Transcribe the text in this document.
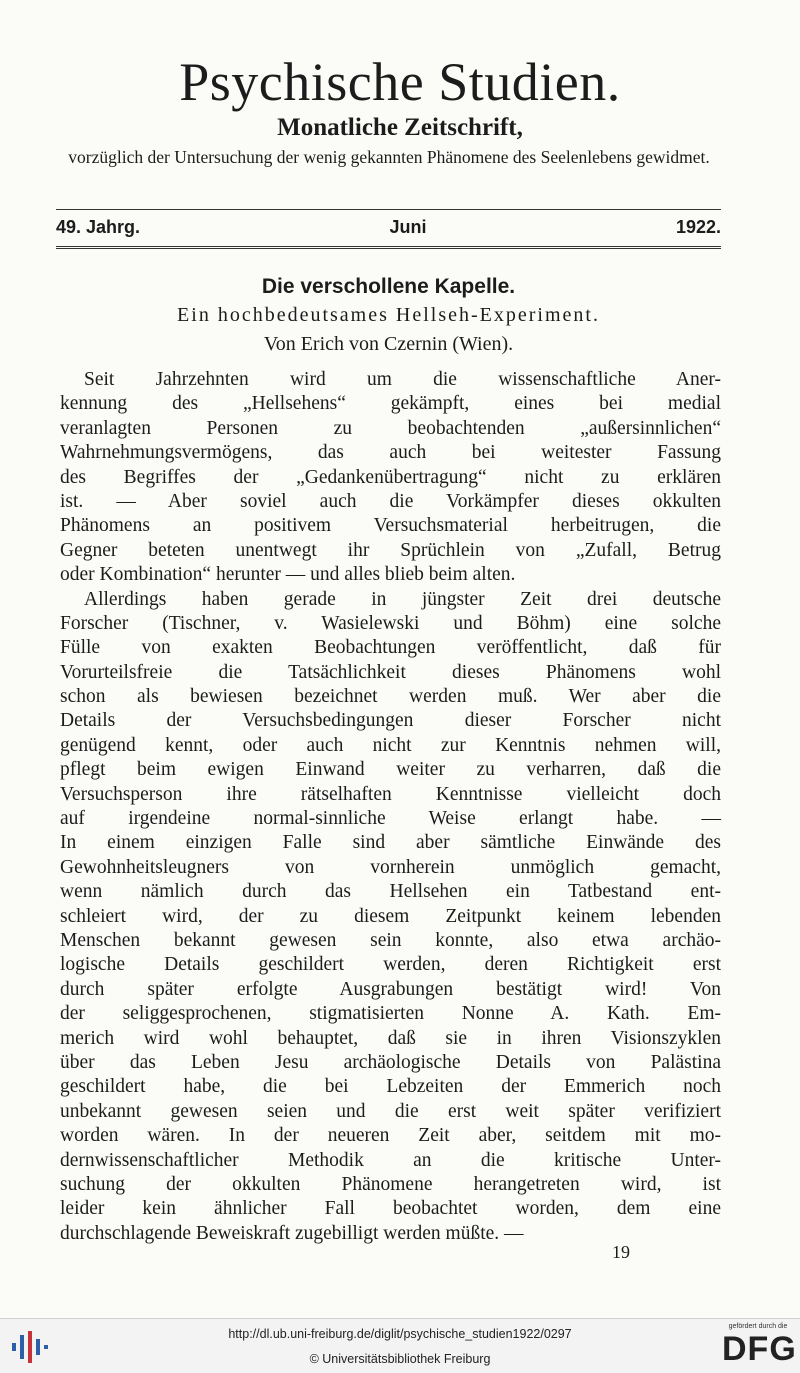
Psychische Studien.
Monatliche Zeitschrift,
vorzüglich der Untersuchung der wenig gekannten Phänomene des Seelenlebens gewidmet.
49. Jahrg.	Juni	1922.
Die verschollene Kapelle.
Ein hochbedeutsames Hellseh-Experiment.
Von Erich von Czernin (Wien).
Seit Jahrzehnten wird um die wissenschaftliche Aner-
kennung des „Hellsehens“ gekämpft, eines bei medial
veranlagten Personen zu beobachtenden „außersinnlichen“
Wahrnehmungsvermögens, das auch bei weitester Fassung
des Begriffes der „Gedankenübertragung“ nicht zu erklären
ist. — Aber soviel auch die Vorkämpfer dieses okkulten
Phänomens an positivem Versuchsmaterial herbeitrugen, die
Gegner beteten unentwegt ihr Sprüchlein von „Zufall, Betrug
oder Kombination“ herunter — und alles blieb beim alten.
Allerdings haben gerade in jüngster Zeit drei deutsche
Forscher (Tischner, v. Wasielewski und Böhm) eine solche
Fülle von exakten Beobachtungen veröffentlicht, daß für
Vorurteilsfreie die Tatsächlichkeit dieses Phänomens wohl
schon als bewiesen bezeichnet werden muß. Wer aber die
Details der Versuchsbedingungen dieser Forscher nicht
genügend kennt, oder auch nicht zur Kenntnis nehmen will,
pflegt beim ewigen Einwand weiter zu verharren, daß die
Versuchsperson ihre rätselhaften Kenntnisse vielleicht doch
auf irgendeine normal-sinnliche Weise erlangt habe. —
In einem einzigen Falle sind aber sämtliche Einwände des
Gewohnheitsleugners von vornherein unmöglich gemacht,
wenn nämlich durch das Hellsehen ein Tatbestand ent-
schleiert wird, der zu diesem Zeitpunkt keinem lebenden
Menschen bekannt gewesen sein konnte, also etwa archäo-
logische Details geschildert werden, deren Richtigkeit erst
durch später erfolgte Ausgrabungen bestätigt wird! Von
der seliggesprochenen, stigmatisierten Nonne A. Kath. Em-
merich wird wohl behauptet, daß sie in ihren Visionszyklen
über das Leben Jesu archäologische Details von Palästina
geschildert habe, die bei Lebzeiten der Emmerich noch
unbekannt gewesen seien und die erst weit später verifiziert
worden wären. In der neueren Zeit aber, seitdem mit mo-
dernwissenschaftlicher Methodik an die kritische Unter-
suchung der okkulten Phänomene herangetreten wird, ist
leider kein ähnlicher Fall beobachtet worden, dem eine
durchschlagende Beweiskraft zugebilligt werden müßte. —
19
http://dl.ub.uni-freiburg.de/diglit/psychische_studien1922/0297
© Universitätsbibliothek Freiburg
gefördert durch die
DFG
